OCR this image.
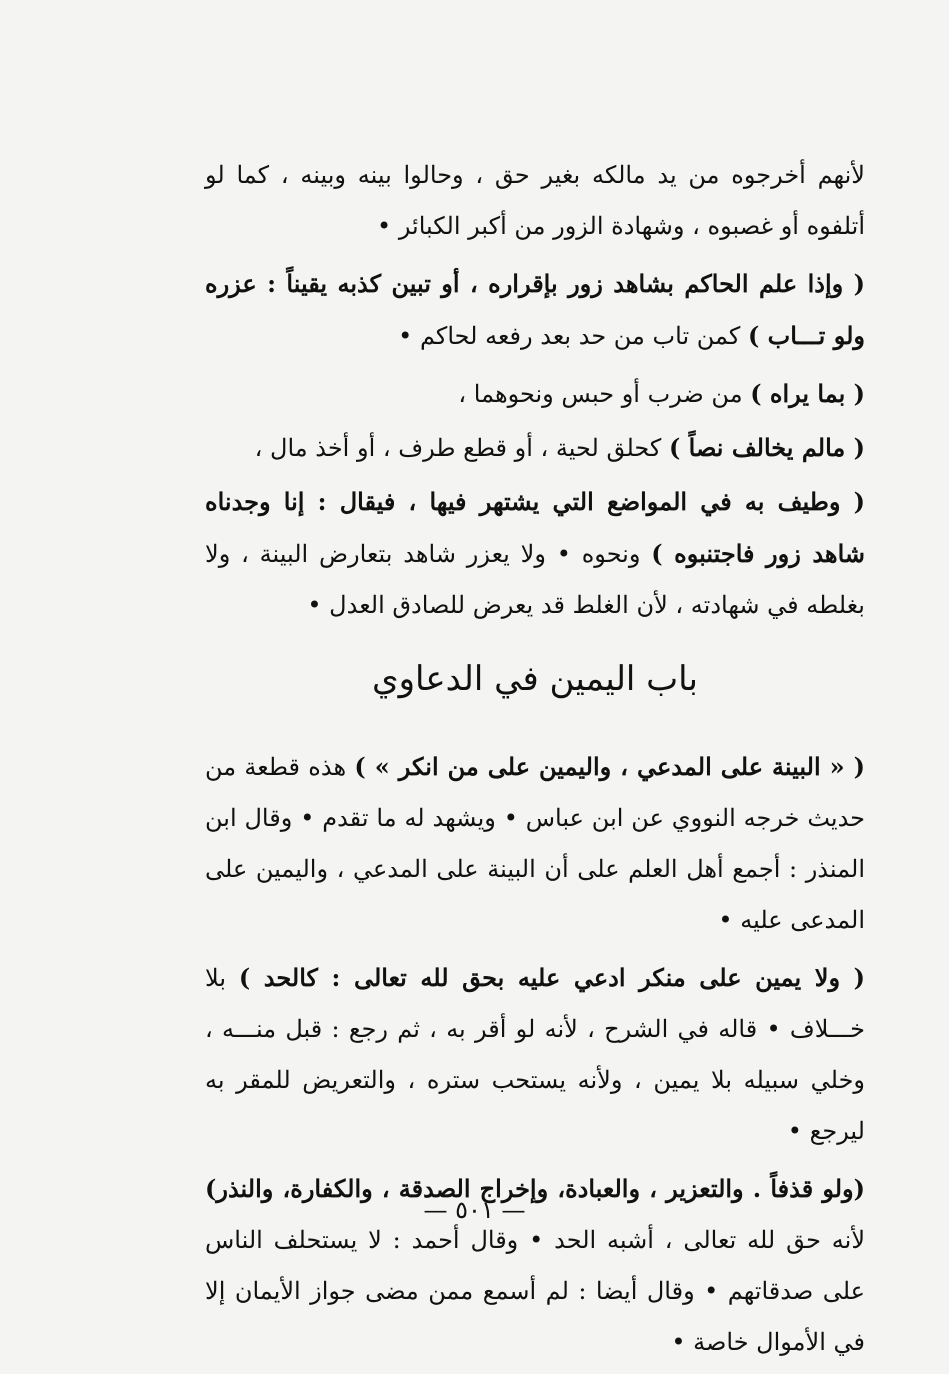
لأنهم أخرجوه من يد مالكه بغير حق ، وحالوا بينه وبينه ، كما لو أتلفوه أو غصبوه ، وشهادة الزور من أكبر الكبائر •

( وإذا علم الحاكم بشاهد زور بإقراره ، أو تبين كذبه يقيناً : عزره ولو تـــاب ) كمن تاب من حد بعد رفعه لحاكم •

( بما يراه ) من ضرب أو حبس ونحوهما ،

( مالم يخالف نصاً ) كحلق لحية ، أو قطع طرف ، أو أخذ مال ،

( وطيف به في المواضع التي يشتهر فيها ، فيقال : إنا وجدناه شاهد زور فاجتنبوه ) ونحوه • ولا يعزر شاهد بتعارض البينة ، ولا بغلطه في شهادته ، لأن الغلط قد يعرض للصادق العدل •

باب اليمين في الدعاوي

( « البينة على المدعي ، واليمين على من انكر » ) هذه قطعة من حديث خرجه النووي عن ابن عباس • ويشهد له ما تقدم • وقال ابن المنذر : أجمع أهل العلم على أن البينة على المدعي ، واليمين على المدعى عليه •

( ولا يمين على منكر ادعي عليه بحق لله تعالى : كالحد ) بلا خـــلاف • قاله في الشرح ، لأنه لو أقر به ، ثم رجع : قبل منـــه ، وخلي سبيله بلا يمين ، ولأنه يستحب ستره ، والتعريض للمقر به ليرجع •

(ولو قذفاً . والتعزير ، والعبادة، وإخراج الصدقة ، والكفارة، والنذر) لأنه حق لله تعالى ، أشبه الحد • وقال أحمد : لا يستحلف الناس على صدقاتهم • وقال أيضا : لم أسمع ممن مضى جواز الأيمان إلا في الأموال خاصة •

— ٥٠١ —
